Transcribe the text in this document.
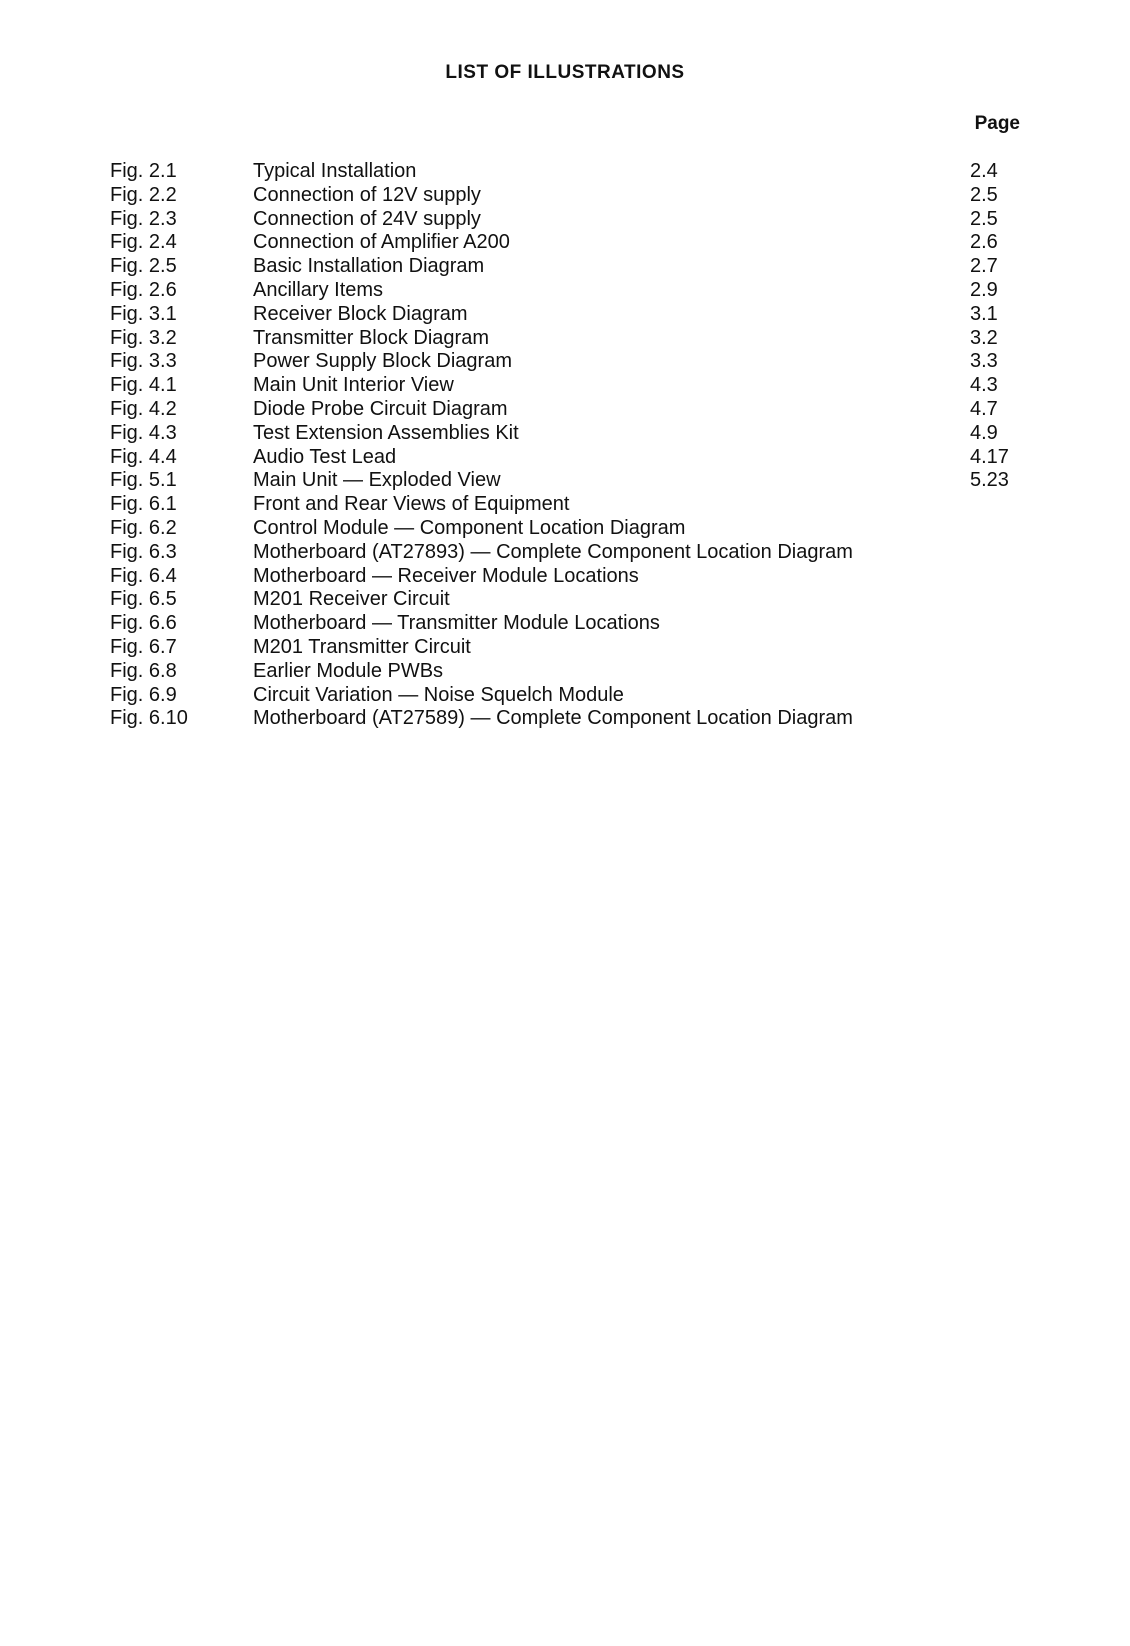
LIST OF ILLUSTRATIONS
Page
Fig. 2.1	Typical Installation	2.4
Fig. 2.2	Connection of 12V supply	2.5
Fig. 2.3	Connection of 24V supply	2.5
Fig. 2.4	Connection of Amplifier A200	2.6
Fig. 2.5	Basic Installation Diagram	2.7
Fig. 2.6	Ancillary Items	2.9
Fig. 3.1	Receiver Block Diagram	3.1
Fig. 3.2	Transmitter Block Diagram	3.2
Fig. 3.3	Power Supply Block Diagram	3.3
Fig. 4.1	Main Unit Interior View	4.3
Fig. 4.2	Diode Probe Circuit Diagram	4.7
Fig. 4.3	Test Extension Assemblies Kit	4.9
Fig. 4.4	Audio Test Lead	4.17
Fig. 5.1	Main Unit — Exploded View	5.23
Fig. 6.1	Front and Rear Views of Equipment
Fig. 6.2	Control Module — Component Location Diagram
Fig. 6.3	Motherboard (AT27893) — Complete Component Location Diagram
Fig. 6.4	Motherboard — Receiver Module Locations
Fig. 6.5	M201 Receiver Circuit
Fig. 6.6	Motherboard — Transmitter Module Locations
Fig. 6.7	M201 Transmitter Circuit
Fig. 6.8	Earlier Module PWBs
Fig. 6.9	Circuit Variation — Noise Squelch Module
Fig. 6.10	Motherboard (AT27589) — Complete Component Location Diagram
